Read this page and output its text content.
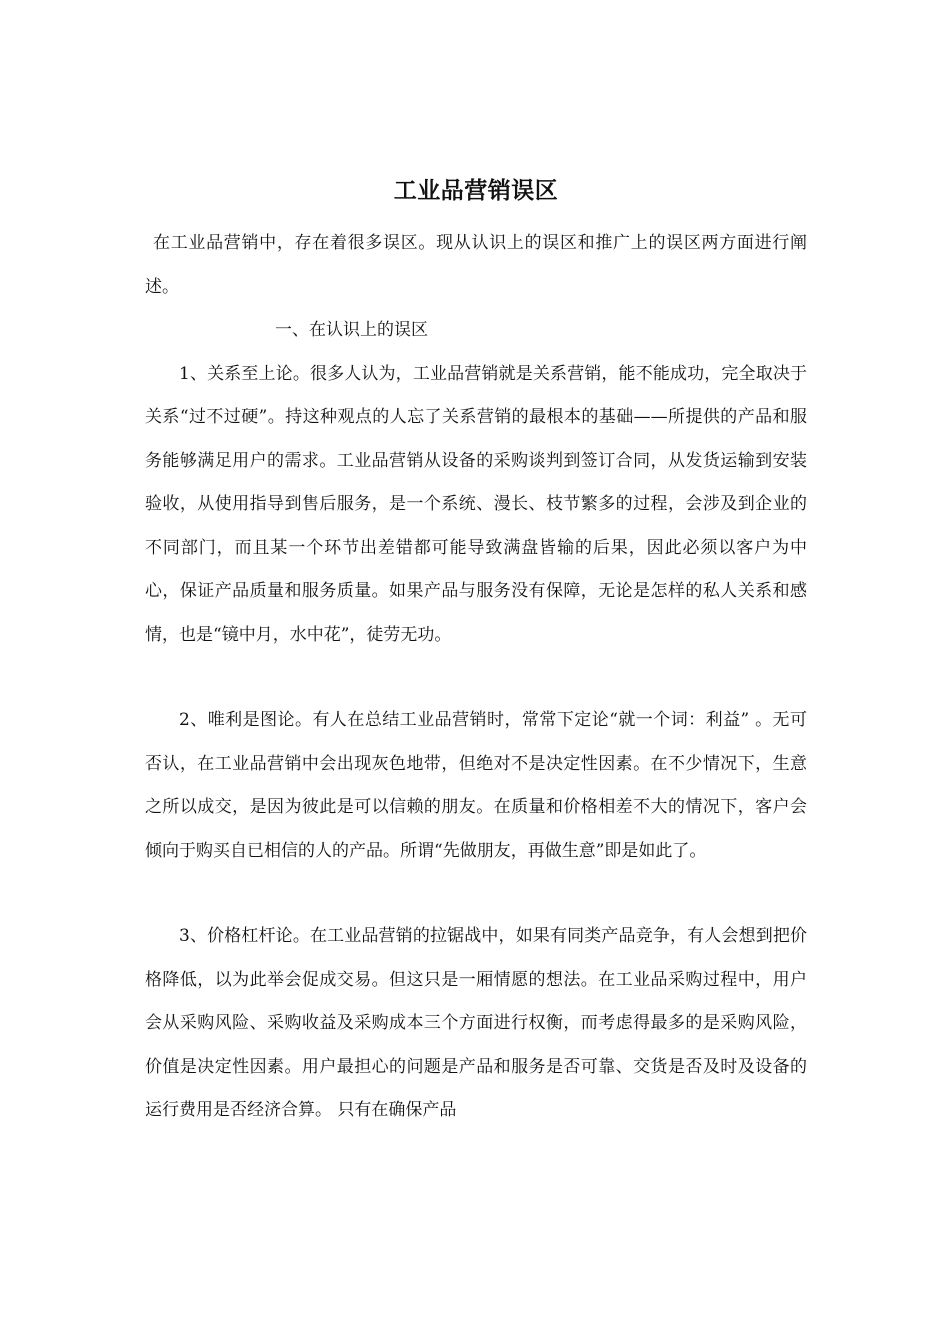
工业品营销误区

在工业品营销中，存在着很多误区。现从认识上的误区和推广上的误区两方面进行阐述。

一、在认识上的误区

1、关系至上论。很多人认为，工业品营销就是关系营销，能不能成功，完全取决于关系“过不过硬”。持这种观点的人忘了关系营销的最根本的基础——所提供的产品和服务能够满足用户的需求。工业品营销从设备的采购谈判到签订合同，从发货运输到安装验收，从使用指导到售后服务，是一个系统、漫长、枝节繁多的过程，会涉及到企业的不同部门，而且某一个环节出差错都可能导致满盘皆输的后果，因此必须以客户为中心，保证产品质量和服务质量。如果产品与服务没有保障，无论是怎样的私人关系和感情，也是“镜中月，水中花”，徒劳无功。

2、唯利是图论。有人在总结工业品营销时，常常下定论“就一个词：利益” 。无可否认，在工业品营销中会出现灰色地带，但绝对不是决定性因素。在不少情况下，生意之所以成交，是因为彼此是可以信赖的朋友。在质量和价格相差不大的情况下，客户会倾向于购买自已相信的人的产品。所谓“先做朋友，再做生意”即是如此了。

3、价格杠杆论。在工业品营销的拉锯战中，如果有同类产品竞争，有人会想到把价格降低，以为此举会促成交易。但这只是一厢情愿的想法。在工业品采购过程中，用户会从采购风险、采购收益及采购成本三个方面进行权衡，而考虑得最多的是采购风险，价值是决定性因素。用户最担心的问题是产品和服务是否可靠、交货是否及时及设备的运行费用是否经济合算。 只有在确保产品
